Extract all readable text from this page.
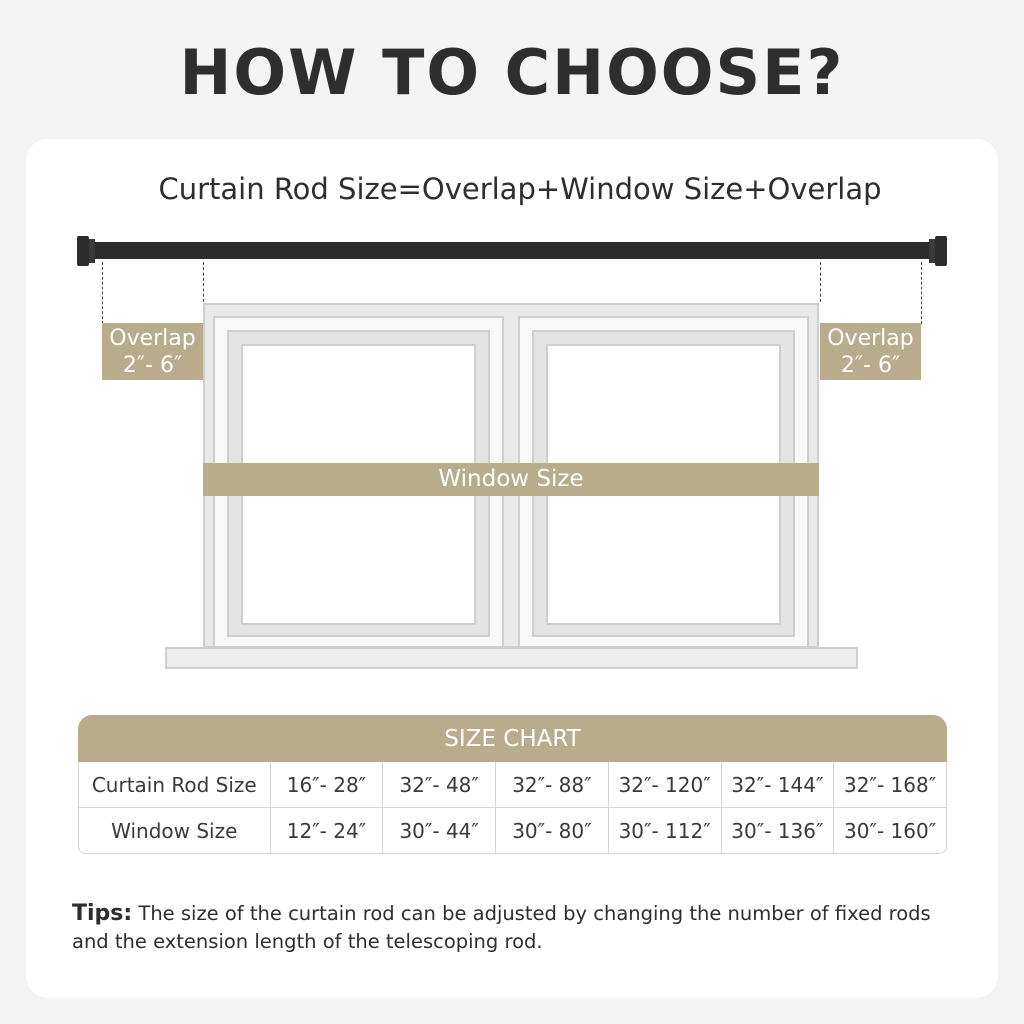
HOW TO CHOOSE?
Curtain Rod Size=Overlap+Window Size+Overlap
Overlap
2″- 6″
Overlap
2″- 6″
Window Size
SIZE CHART
Curtain Rod Size	16″- 28″	32″- 48″	32″- 88″	32″- 120″	32″- 144″	32″- 168″
Window Size	12″- 24″	30″- 44″	30″- 80″	30″- 112″	30″- 136″	30″- 160″
Tips: The size of the curtain rod can be adjusted by changing the number of fixed rods and the extension length of the telescoping rod.
